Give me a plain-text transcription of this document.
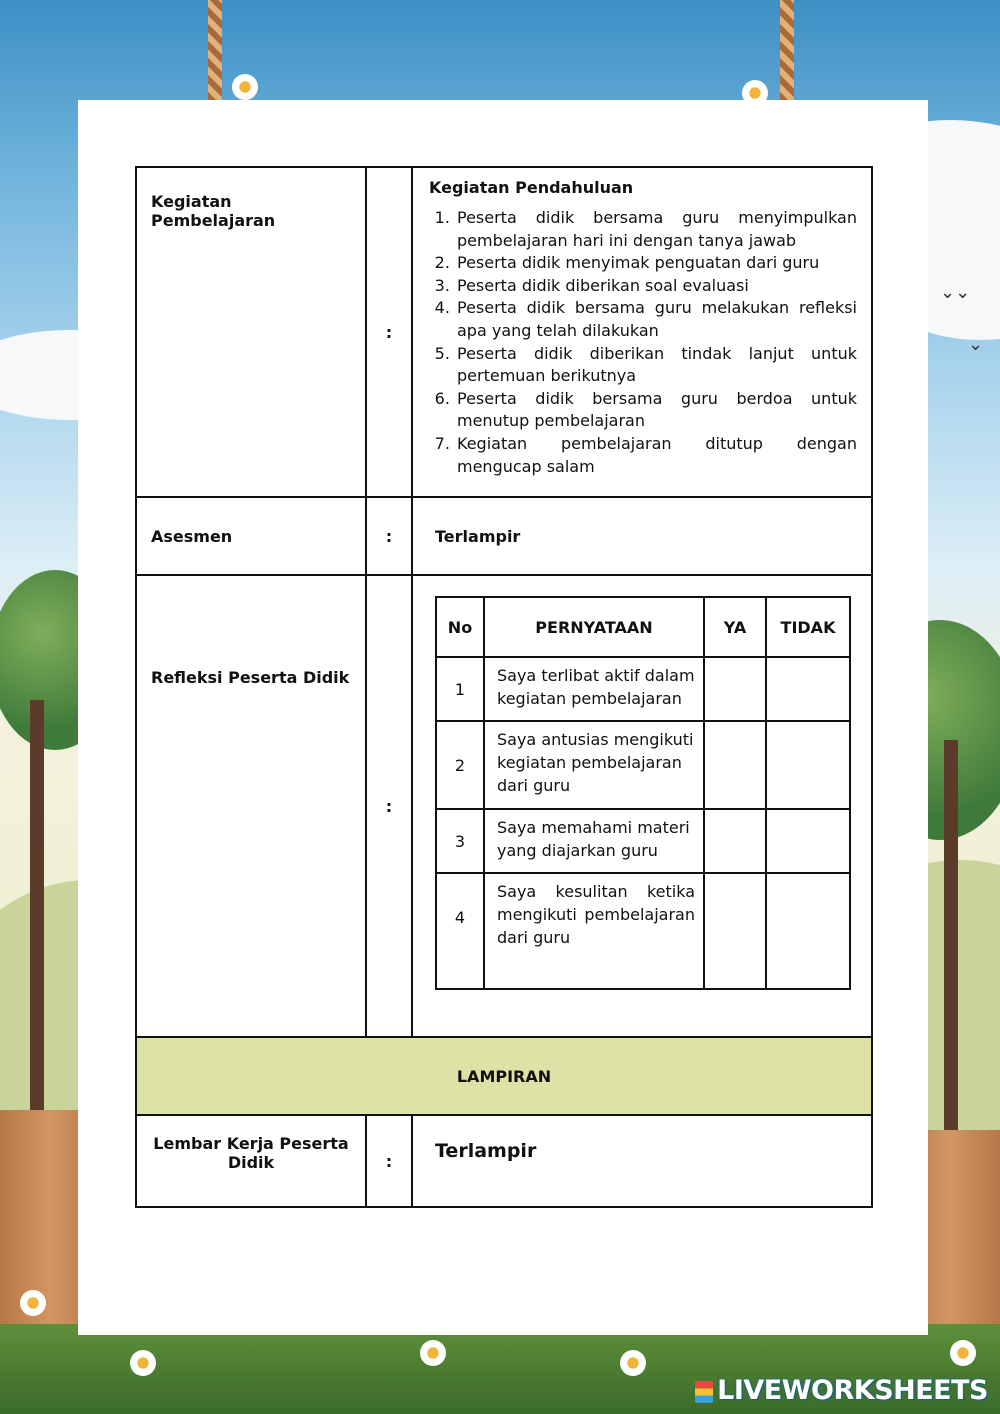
⌄⌄
⌄
Kegiatan Pembelajaran	:	
Kegiatan Pendahuluan
1. Peserta didik bersama guru menyimpulkan pembelajaran hari ini dengan tanya jawab
2. Peserta didik menyimak penguatan dari guru
3. Peserta didik diberikan soal evaluasi
4. Peserta didik bersama guru melakukan refleksi apa yang telah dilakukan
5. Peserta didik diberikan tindak lanjut untuk pertemuan berikutnya
6. Peserta didik bersama guru berdoa untuk menutup pembelajaran
7. Kegiatan pembelajaran ditutup dengan mengucap salam

Asesmen	:	Terlampir
Refleksi Peserta Didik	:	
No	PERNYATAAN	YA	TIDAK
1	Saya terlibat aktif dalam kegiatan pembelajaran		
2	Saya antusias mengikuti kegiatan pembelajaran dari guru		
3	Saya memahami materi yang diajarkan guru		
4	Saya kesulitan ketika mengikuti pembelajaran dari guru		

LAMPIRAN
Lembar Kerja Peserta Didik	:	Terlampir
LIVEWORKSHEETS
